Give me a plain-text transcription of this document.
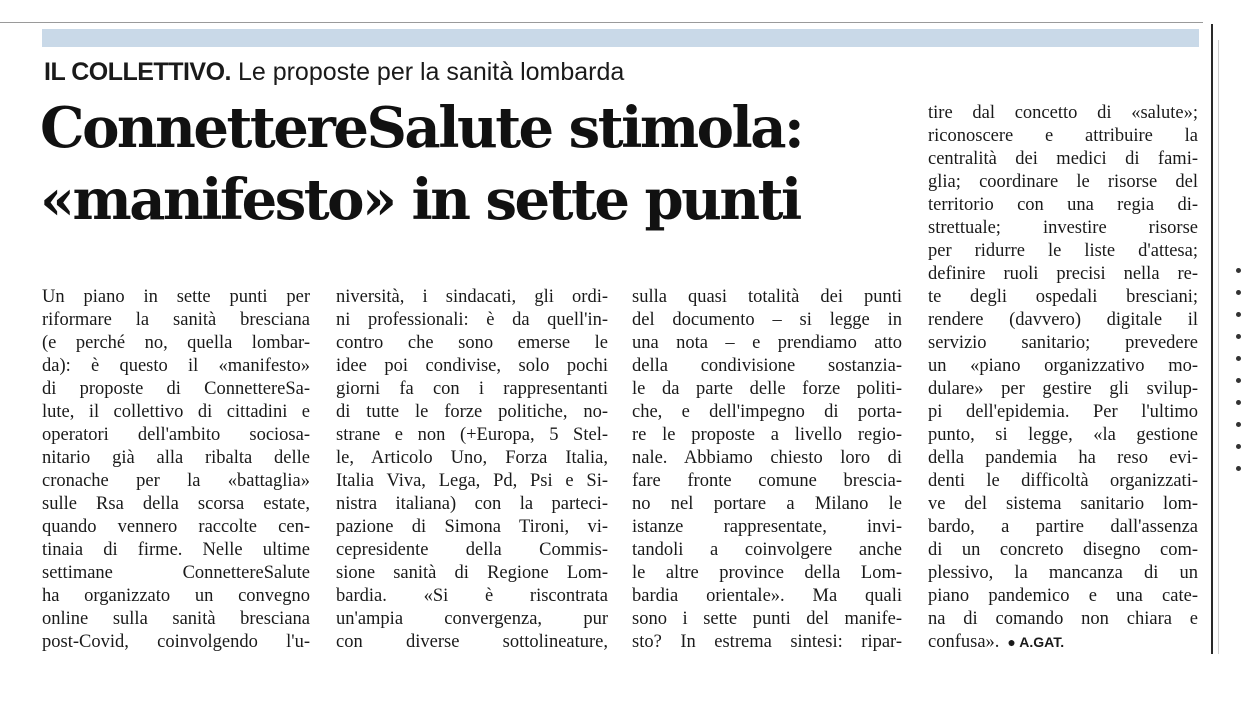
IL COLLETTIVO. Le proposte per la sanità lombarda
ConnettereSalute stimola:
«manifesto» in sette punti
Un piano in sette punti per
riformare la sanità bresciana
(e perché no, quella lombar-
da): è questo il «manifesto»
di proposte di ConnettereSa-
lute, il collettivo di cittadini e
operatori dell'ambito sociosa-
nitario già alla ribalta delle
cronache per la «battaglia»
sulle Rsa della scorsa estate,
quando vennero raccolte cen-
tinaia di firme. Nelle ultime
settimane ConnettereSalute
ha organizzato un convegno
online sulla sanità bresciana
post-Covid, coinvolgendo l'u-
niversità, i sindacati, gli ordi-
ni professionali: è da quell'in-
contro che sono emerse le
idee poi condivise, solo pochi
giorni fa con i rappresentanti
di tutte le forze politiche, no-
strane e non (+Europa, 5 Stel-
le, Articolo Uno, Forza Italia,
Italia Viva, Lega, Pd, Psi e Si-
nistra italiana) con la parteci-
pazione di Simona Tironi, vi-
cepresidente della Commis-
sione sanità di Regione Lom-
bardia. «Si è riscontrata
un'ampia convergenza, pur
con diverse sottolineature,
sulla quasi totalità dei punti
del documento – si legge in
una nota – e prendiamo atto
della condivisione sostanzia-
le da parte delle forze politi-
che, e dell'impegno di porta-
re le proposte a livello regio-
nale. Abbiamo chiesto loro di
fare fronte comune brescia-
no nel portare a Milano le
istanze rappresentate, invi-
tandoli a coinvolgere anche
le altre province della Lom-
bardia orientale». Ma quali
sono i sette punti del manife-
sto? In estrema sintesi: ripar-
tire dal concetto di «salute»;
riconoscere e attribuire la
centralità dei medici di fami-
glia; coordinare le risorse del
territorio con una regia di-
strettuale; investire risorse
per ridurre le liste d'attesa;
definire ruoli precisi nella re-
te degli ospedali bresciani;
rendere (davvero) digitale il
servizio sanitario; prevedere
un «piano organizzativo mo-
dulare» per gestire gli svilup-
pi dell'epidemia. Per l'ultimo
punto, si legge, «la gestione
della pandemia ha reso evi-
denti le difficoltà organizzati-
ve del sistema sanitario lom-
bardo, a partire dall'assenza
di un concreto disegno com-
plessivo, la mancanza di un
piano pandemico e una cate-
na di comando non chiara e
confusa». ● A.GAT.
